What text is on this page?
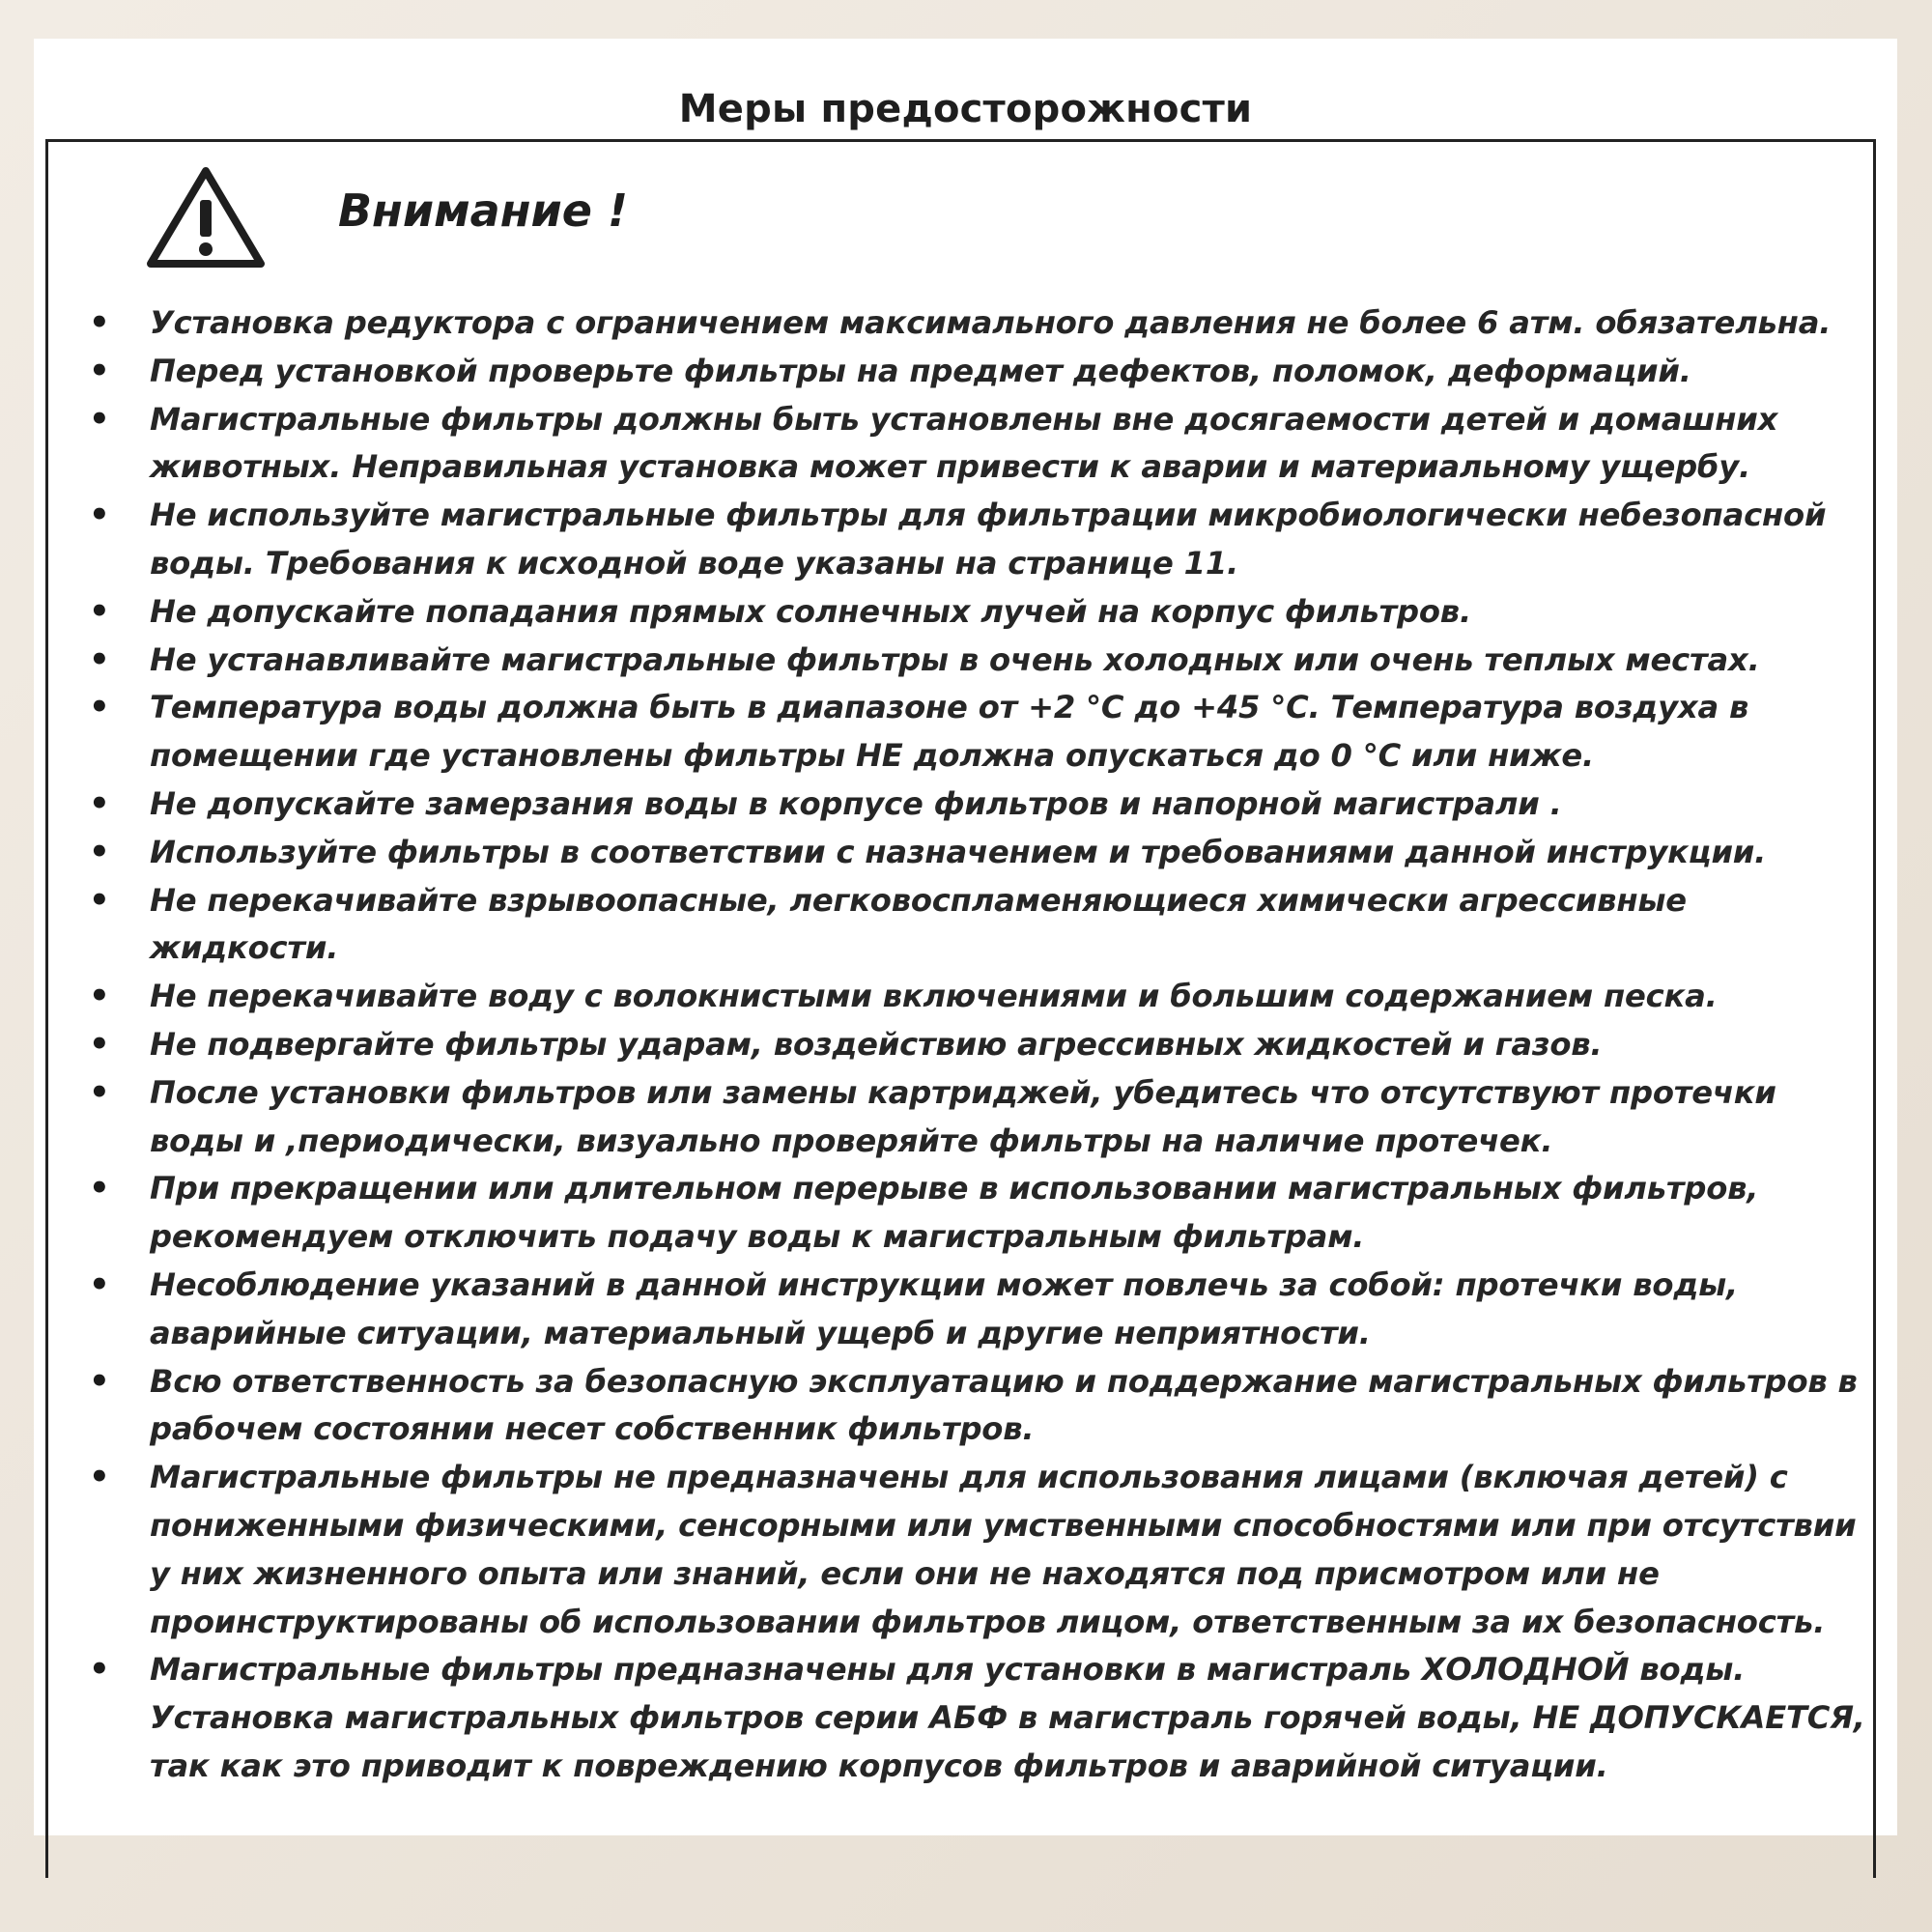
Меры предосторожности
Внимание !
• Установка редуктора с ограничением максимального давления не более 6 атм. обязательна.
• Перед установкой проверьте фильтры на предмет дефектов, поломок, деформаций.
• Магистральные фильтры должны быть установлены вне досягаемости детей и домашних животных. Неправильная установка может привести к аварии и материальному ущербу.
• Не используйте магистральные фильтры для фильтрации микробиологически небезопасной воды. Требования к исходной воде указаны на странице 11.
• Не допускайте попадания прямых солнечных лучей на корпус фильтров.
• Не устанавливайте магистральные фильтры в очень холодных или очень теплых местах.
• Температура воды должна быть в диапазоне от +2 °С до +45 °С. Температура воздуха в помещении где установлены фильтры НЕ должна опускаться до 0 °С или ниже.
• Не допускайте замерзания воды в корпусе фильтров и напорной магистрали .
• Используйте фильтры в соответствии с назначением и требованиями данной инструкции.
• Не перекачивайте взрывоопасные, легковоспламеняющиеся химически агрессивные жидкости.
• Не перекачивайте воду с волокнистыми включениями и большим содержанием песка.
• Не подвергайте фильтры ударам, воздействию агрессивных жидкостей и газов.
• После установки фильтров или замены картриджей, убедитесь что отсутствуют протечки воды и ,периодически, визуально проверяйте фильтры на наличие протечек.
• При прекращении или длительном перерыве в использовании магистральных фильтров, рекомендуем отключить подачу воды к магистральным фильтрам.
• Несоблюдение указаний в данной инструкции может повлечь за собой: протечки воды, аварийные ситуации, материальный ущерб и другие неприятности.
• Всю ответственность за безопасную эксплуатацию и поддержание магистральных фильтров в рабочем состоянии несет собственник фильтров.
• Магистральные фильтры не предназначены для использования лицами (включая детей) с пониженными физическими, сенсорными или умственными способностями или при отсутствии у них жизненного опыта или знаний, если они не находятся под присмотром или не проинструктированы об использовании фильтров лицом, ответственным за их безопасность.
• Магистральные фильтры предназначены для установки в магистраль ХОЛОДНОЙ воды. Установка магистральных фильтров серии АБФ в магистраль горячей воды, НЕ ДОПУСКАЕТСЯ, так как это приводит к повреждению корпусов фильтров и аварийной ситуации.
